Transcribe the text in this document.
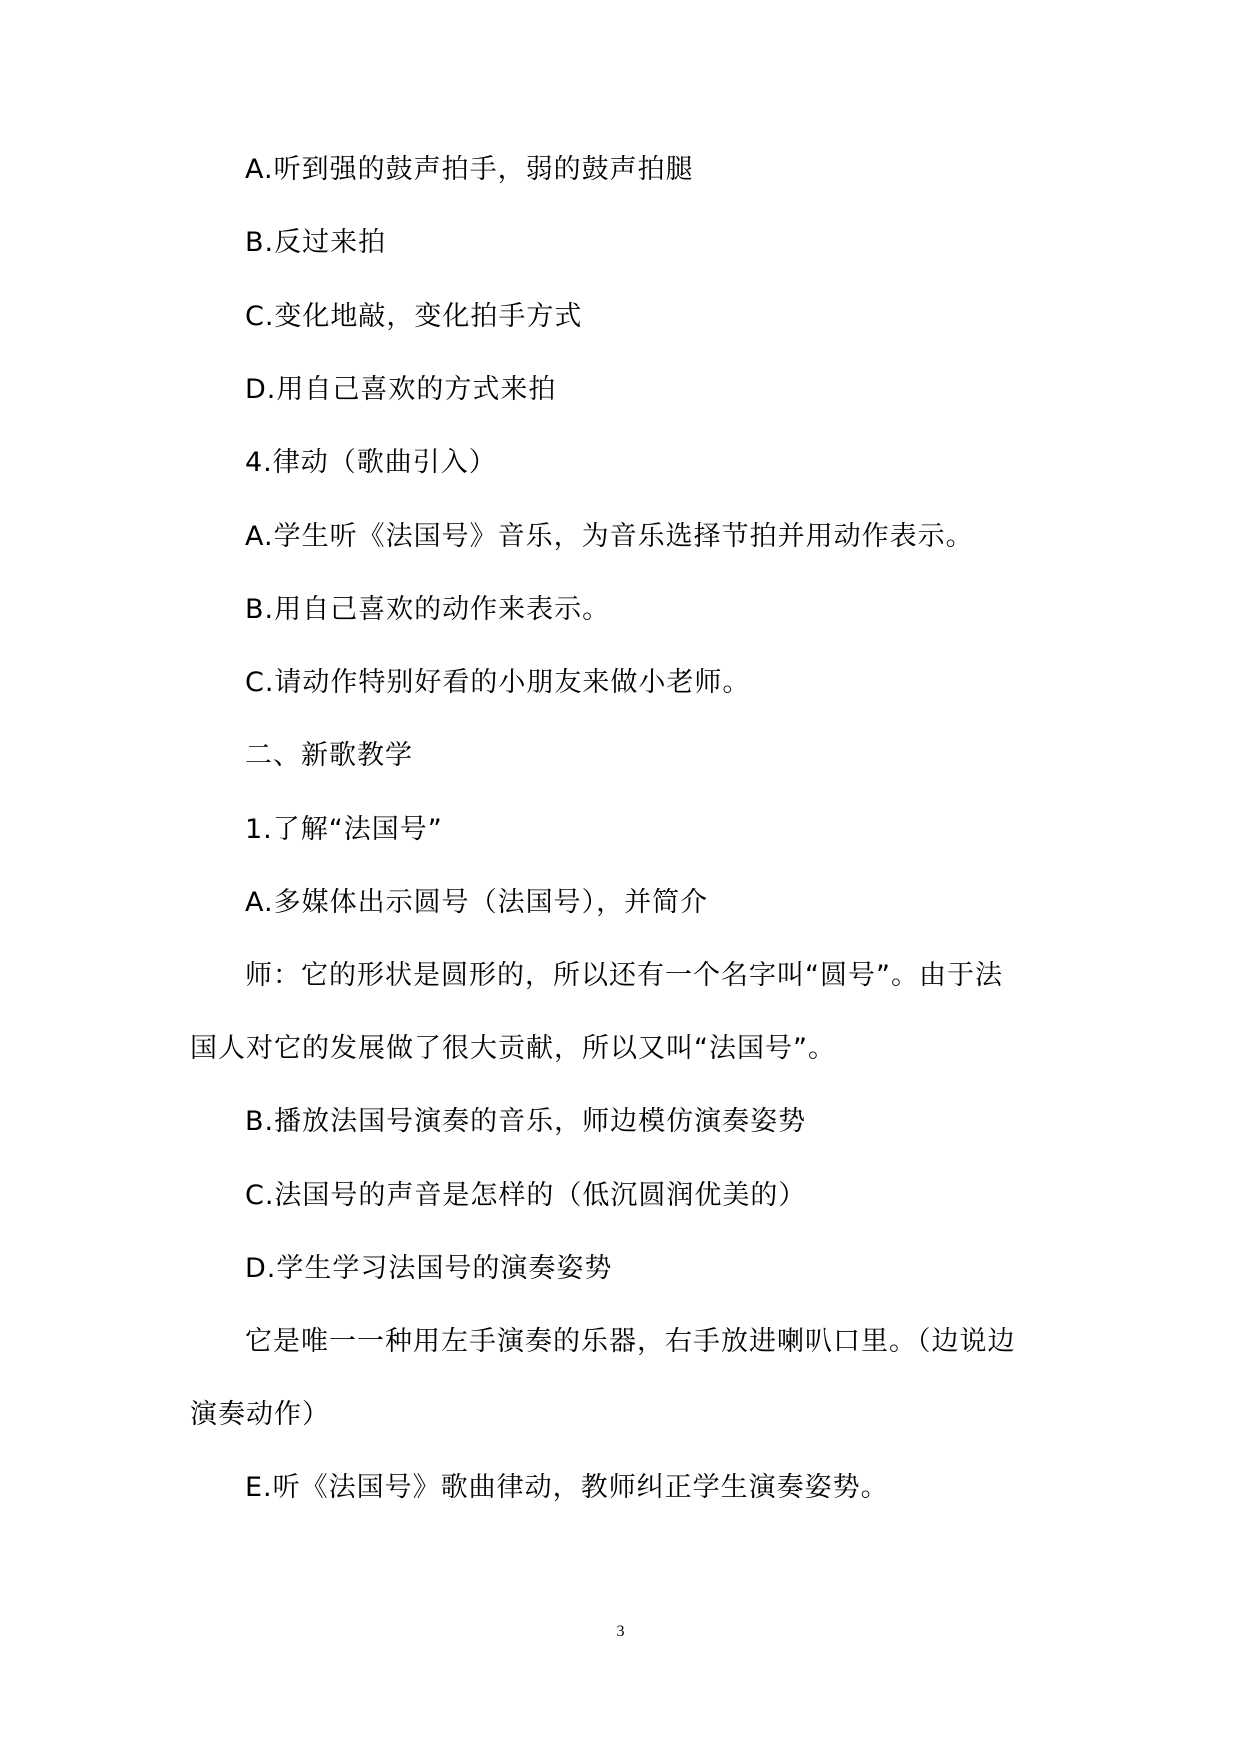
A.听到强的鼓声拍手，弱的鼓声拍腿
B.反过来拍
C.变化地敲，变化拍手方式
D.用自己喜欢的方式来拍
4.律动（歌曲引入）
A.学生听《法国号》音乐，为音乐选择节拍并用动作表示。
B.用自己喜欢的动作来表示。
C.请动作特别好看的小朋友来做小老师。
二、新歌教学
1.了解“法国号”
A.多媒体出示圆号（法国号），并简介
师：它的形状是圆形的，所以还有一个名字叫“圆号”。由于法
国人对它的发展做了很大贡献，所以又叫“法国号”。
B.播放法国号演奏的音乐，师边模仿演奏姿势
C.法国号的声音是怎样的（低沉圆润优美的）
D.学生学习法国号的演奏姿势
它是唯一一种用左手演奏的乐器，右手放进喇叭口里。（边说边
演奏动作）
E.听《法国号》歌曲律动，教师纠正学生演奏姿势。
3
